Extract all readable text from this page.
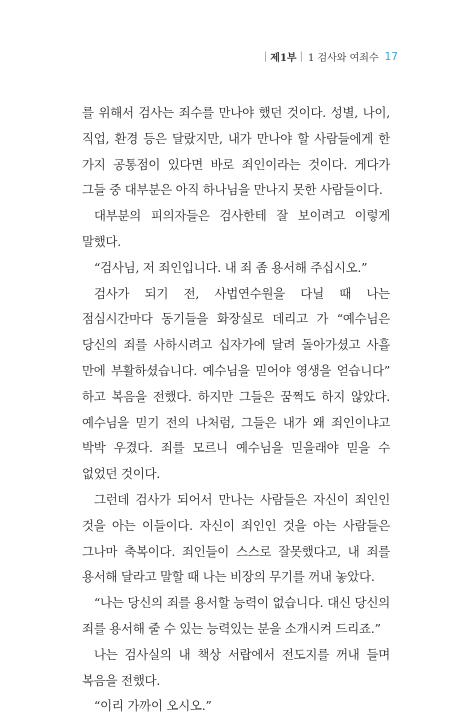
| 제1부 | 1 검사와 여죄수 17

를 위해서 검사는 죄수를 만나야 했던 것이다. 성별, 나이, 직업, 환경 등은 달랐지만, 내가 만나야 할 사람들에게 한 가지 공통점이 있다면 바로 죄인이라는 것이다. 게다가 그들 중 대부분은 아직 하나님을 만나지 못한 사람들이다.

대부분의 피의자들은 검사한테 잘 보이려고 이렇게 말했다.

“검사님, 저 죄인입니다. 내 죄 좀 용서해 주십시오.”

검사가 되기 전, 사법연수원을 다닐 때 나는 점심시간마다 동기들을 화장실로 데리고 가 “예수님은 당신의 죄를 사하시려고 십자가에 달려 돌아가셨고 사흘 만에 부활하셨습니다. 예수님을 믿어야 영생을 얻습니다” 하고 복음을 전했다. 하지만 그들은 꿈쩍도 하지 않았다. 예수님을 믿기 전의 나처럼, 그들은 내가 왜 죄인이냐고 박박 우겼다. 죄를 모르니 예수님을 믿을래야 믿을 수 없었던 것이다.

그런데 검사가 되어서 만나는 사람들은 자신이 죄인인 것을 아는 이들이다. 자신이 죄인인 것을 아는 사람들은 그나마 축복이다. 죄인들이 스스로 잘못했다고, 내 죄를 용서해 달라고 말할 때 나는 비장의 무기를 꺼내 놓았다.

“나는 당신의 죄를 용서할 능력이 없습니다. 대신 당신의 죄를 용서해 줄 수 있는 능력있는 분을 소개시켜 드리죠.”

나는 검사실의 내 책상 서랍에서 전도지를 꺼내 들며 복음을 전했다.

“이리 가까이 오시오.”
